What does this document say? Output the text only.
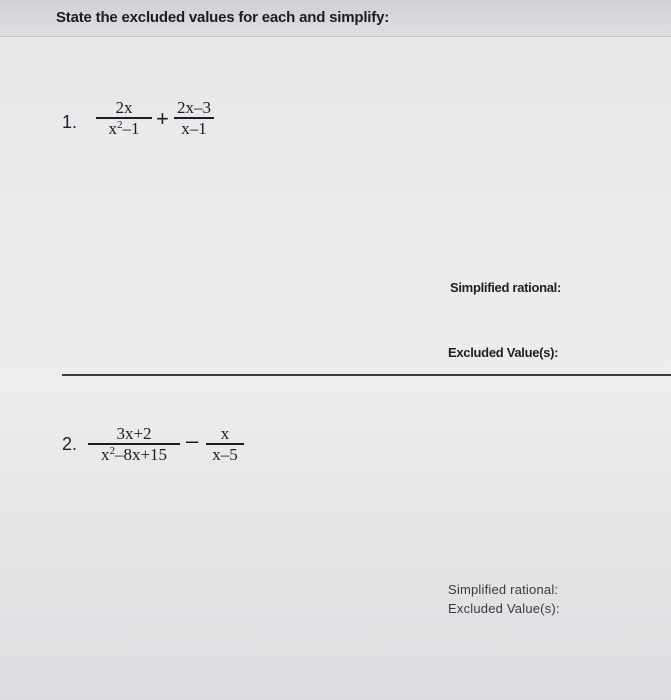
State the excluded values for each and simplify:
1.
2x
$x^2-1 + 2x-3$
x–1
Simplified rational:
Excluded Value(s):
2.
3x+2
$x^2-8x+15$
–	x
x–5
Simplified rational:
Excluded Value(s):
